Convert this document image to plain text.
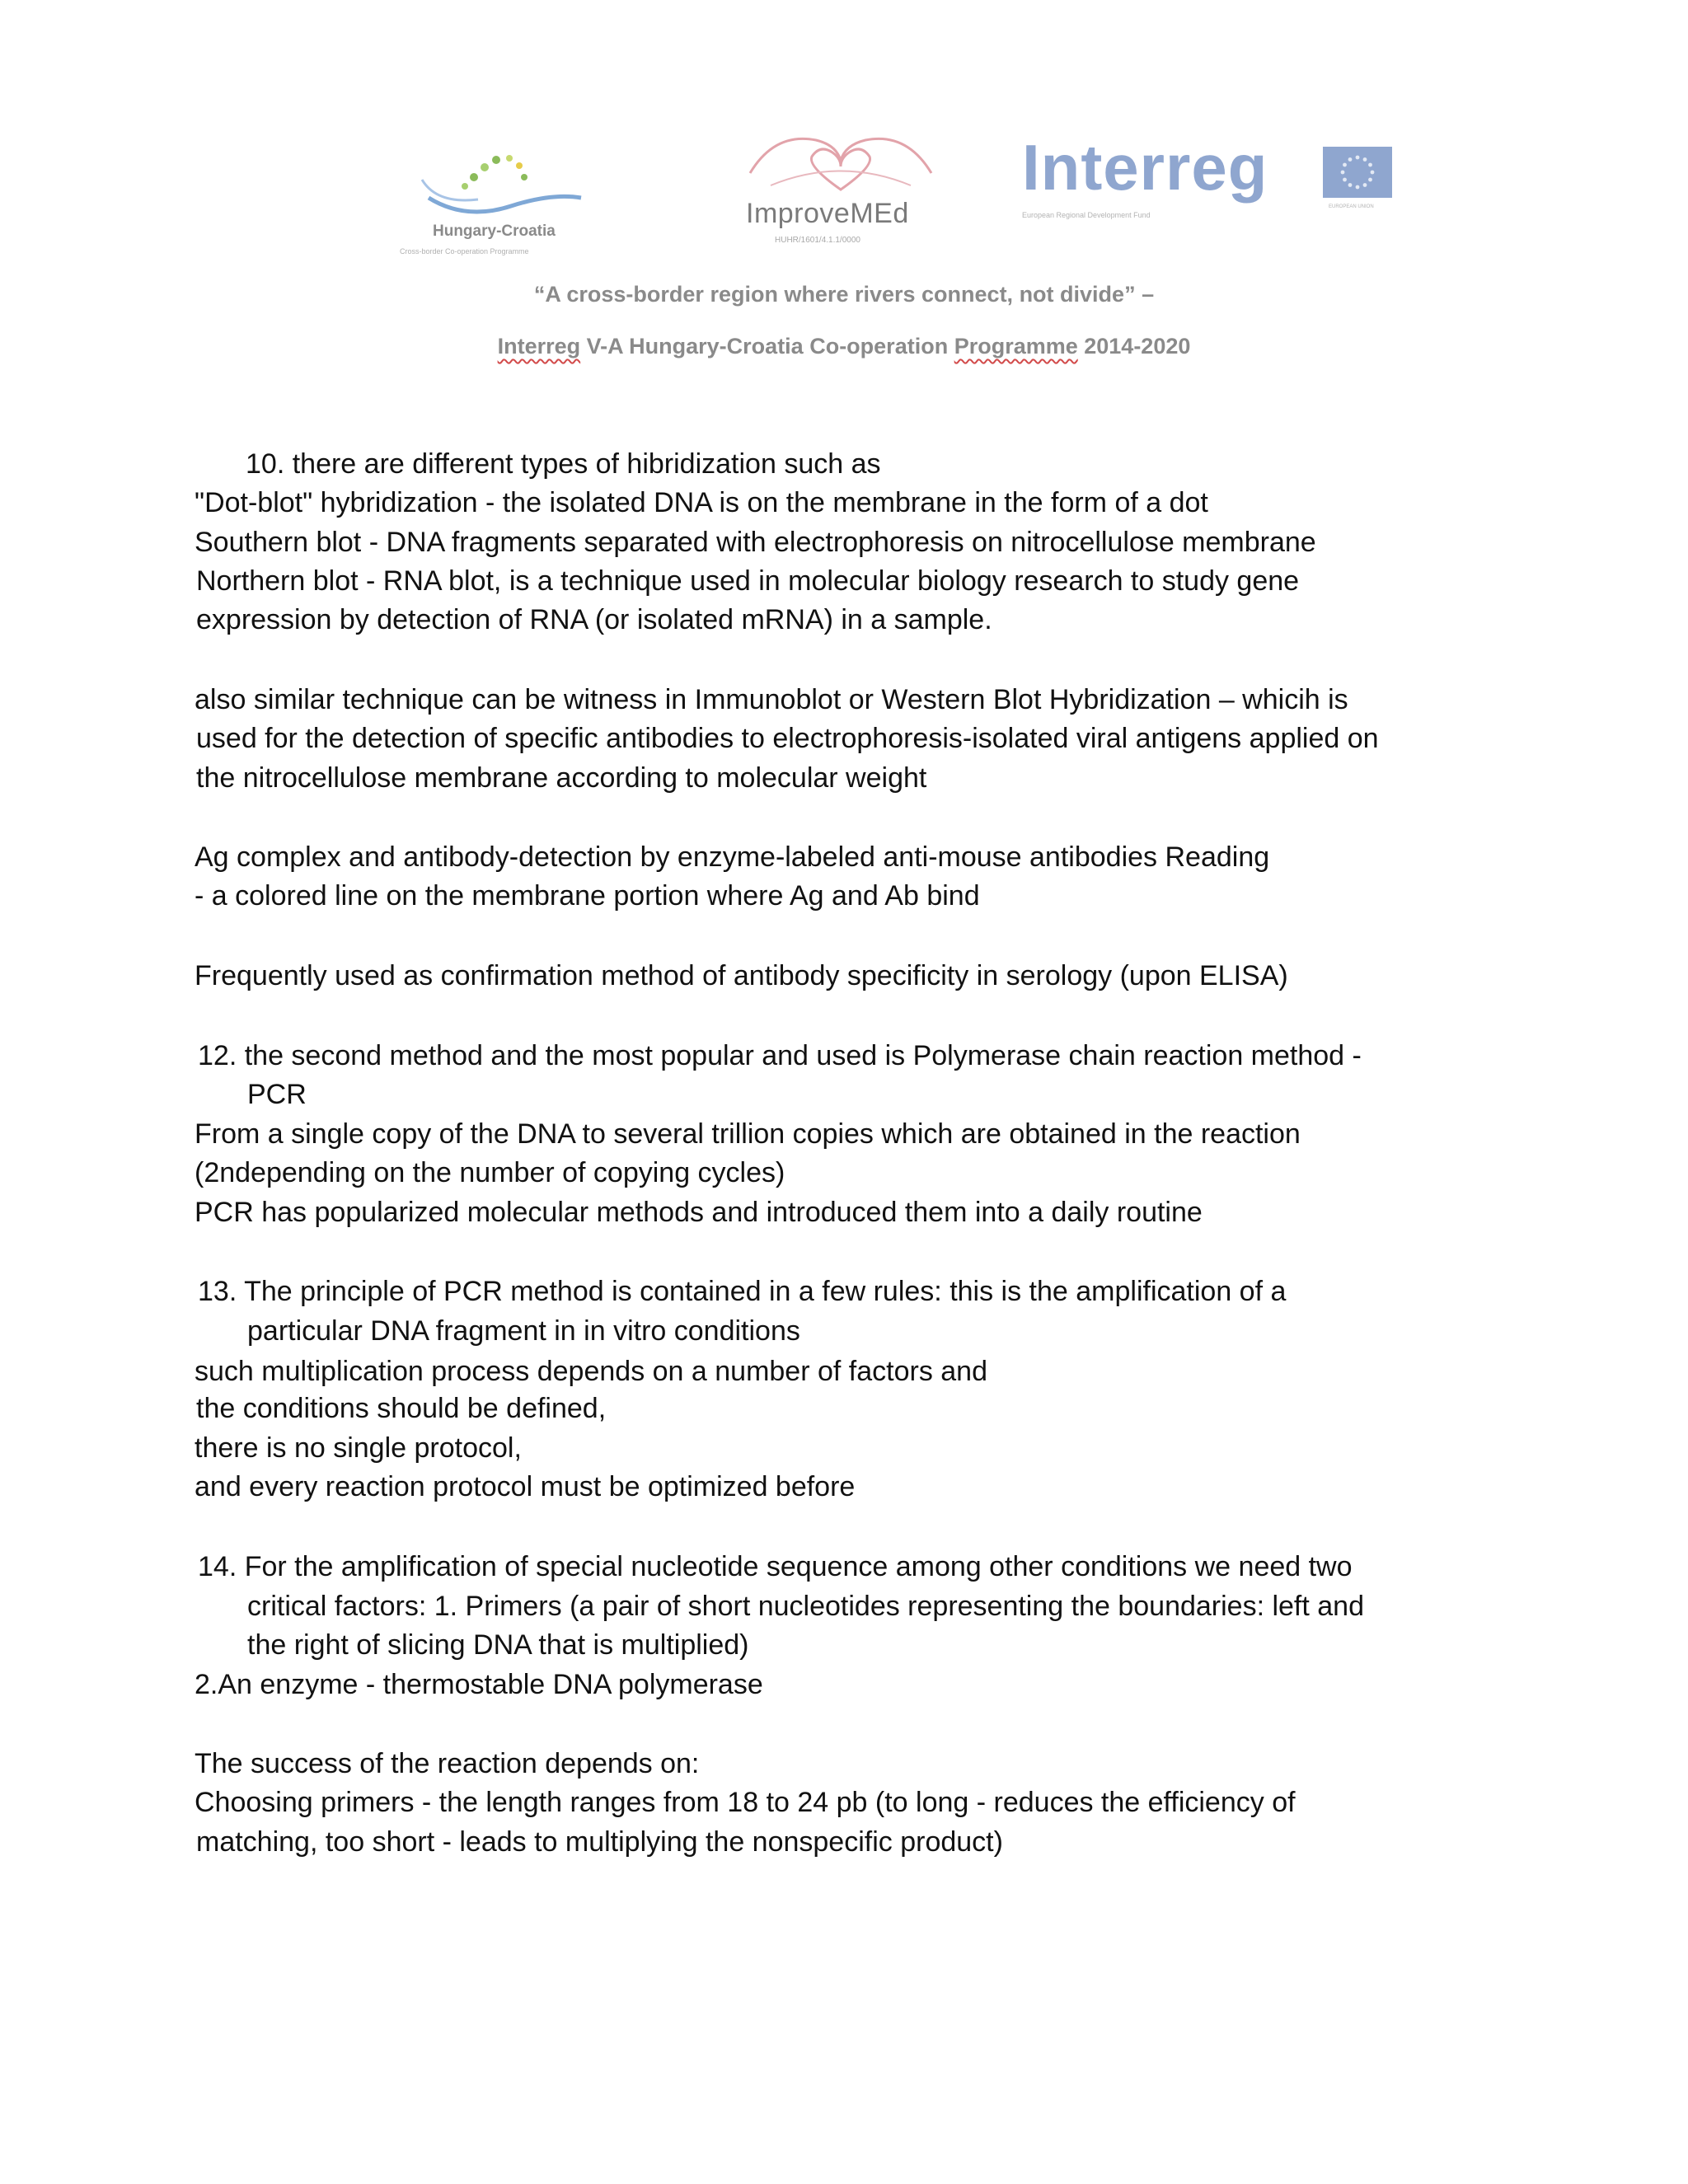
Hungary-Croatia
Cross-border Co-operation Programme
ImproveMEd
HUHR/1601/4.1.1/0000
Interreg
European Regional Development Fund
EUROPEAN UNION
“A cross-border region where rivers connect, not divide” –
Interreg V-A Hungary-Croatia Co-operation Programme 2014-2020
10. there are different types of hibridization such as
"Dot-blot" hybridization - the isolated DNA is on the membrane in the form of a dot
Southern blot - DNA fragments separated with electrophoresis on nitrocellulose membrane
Northern blot - RNA blot, is a technique used in molecular biology research to study gene
expression by detection of RNA (or isolated mRNA) in a sample.
also similar technique can be witness in Immunoblot or Western Blot Hybridization – whicih is
used for the detection of specific antibodies to electrophoresis-isolated viral antigens applied on
the nitrocellulose membrane according to molecular weight
Ag complex and antibody-detection by enzyme-labeled anti-mouse antibodies Reading
- a colored line on the membrane portion where Ag and Ab bind
Frequently used as confirmation method of antibody specificity in serology (upon ELISA)
12. the second method and the most popular and used is Polymerase chain reaction method -
PCR
From a single copy of the DNA to several trillion copies which are obtained in the reaction
(2ndepending on the number of copying cycles)
PCR has popularized molecular methods and introduced them into a daily routine
13. The principle of PCR method is contained in a few rules: this is the amplification of a
particular DNA fragment in in vitro conditions
such multiplication process depends on a number of factors and
the conditions should be defined,
there is no single protocol,
and every reaction protocol must be optimized before
14. For the amplification of special nucleotide sequence among other conditions we need two
critical factors: 1. Primers (a pair of short nucleotides representing the boundaries: left and
the right of slicing DNA that is multiplied)
2.An enzyme - thermostable DNA polymerase
The success of the reaction depends on:
Choosing primers - the length ranges from 18 to 24 pb (to long - reduces the efficiency of
matching, too short - leads to multiplying the nonspecific product)
